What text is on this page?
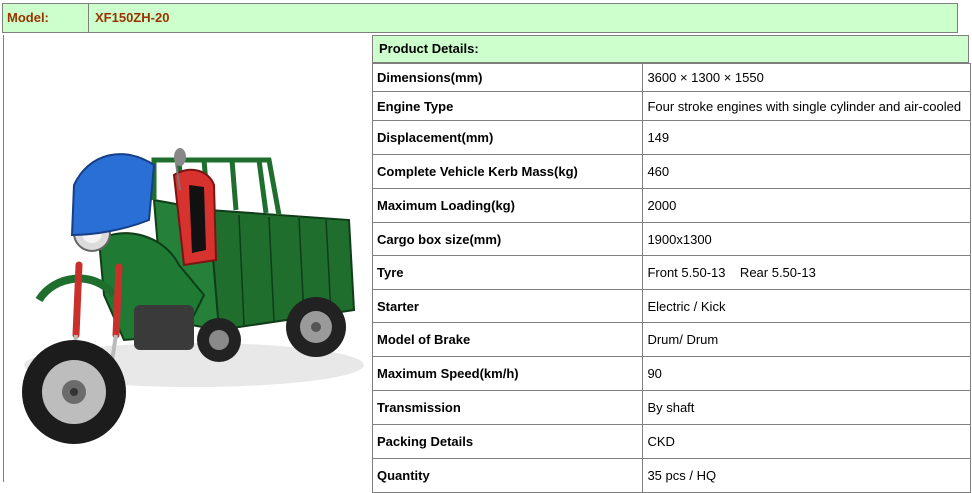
Model:	XF150ZH-20
Product Details:
Dimensions(mm)	3600 × 1300 × 1550
Engine Type	Four stroke engines with single cylinder and air-cooled
Displacement(mm)	149
Complete Vehicle Kerb Mass(kg)	460
Maximum Loading(kg)	2000
Cargo box size(mm)	1900x1300
Tyre	Front 5.50-13    Rear 5.50-13
Starter	Electric / Kick
Model of Brake	Drum/ Drum
Maximum Speed(km/h)	90
Transmission	By shaft
Packing Details	CKD
Quantity	35 pcs / HQ
